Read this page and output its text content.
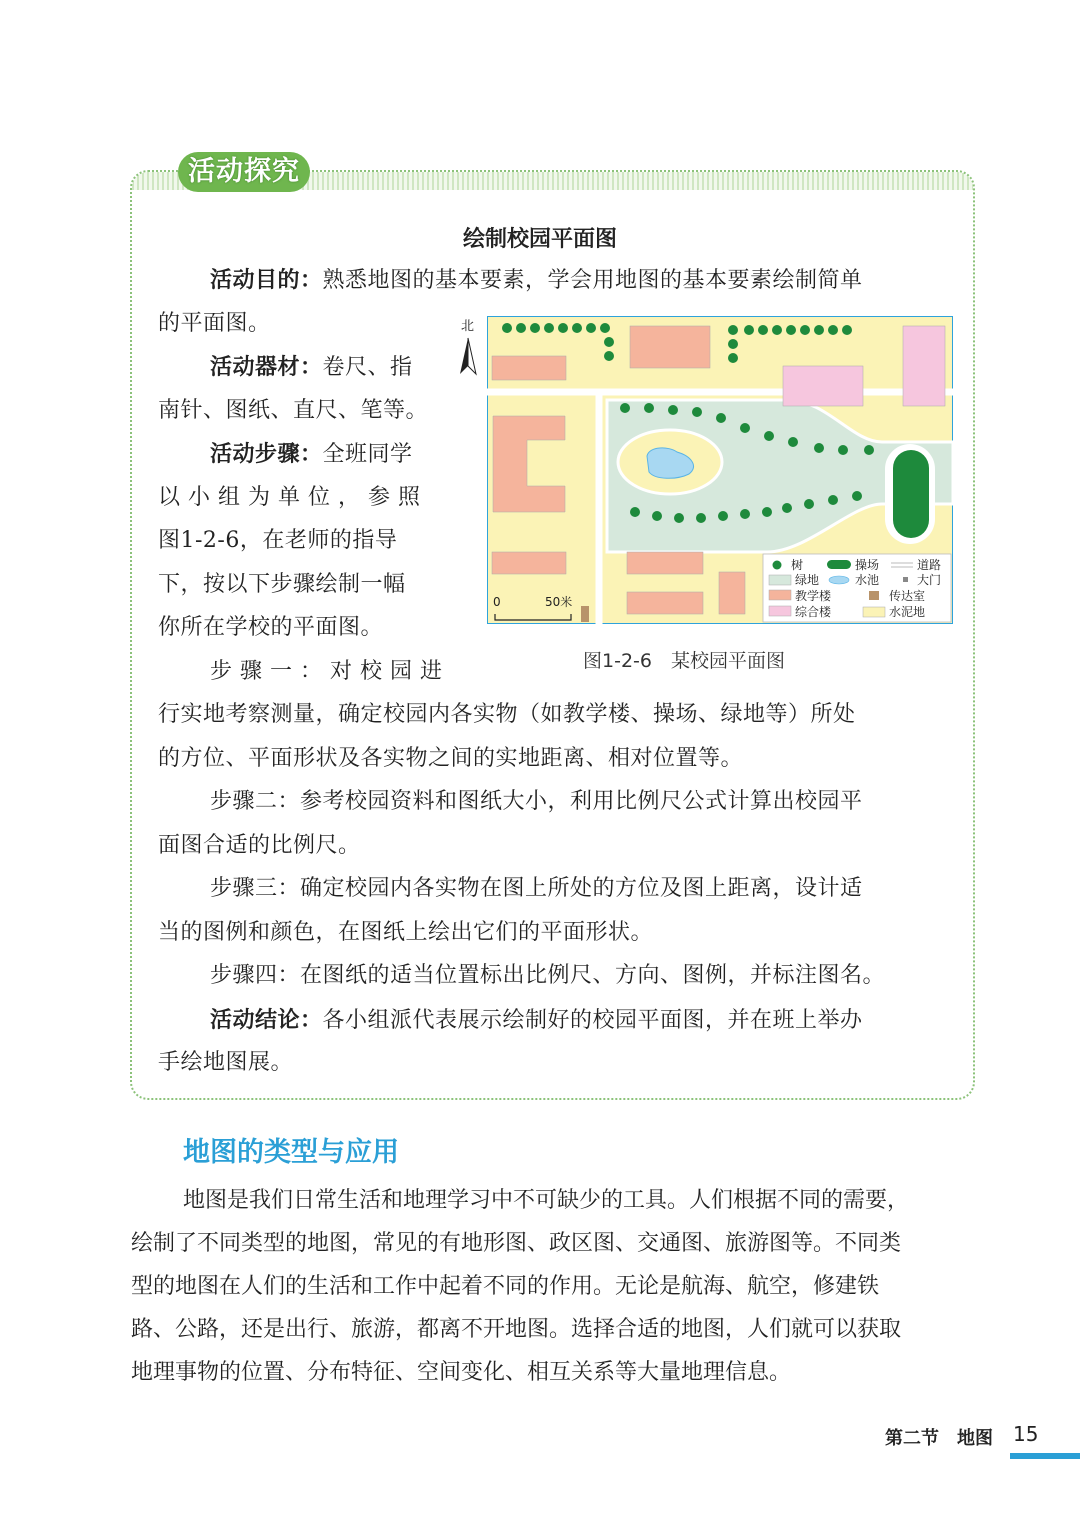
活动探究
绘制校园平面图
活动目的：熟悉地图的基本要素，学会用地图的基本要素绘制简单
的平面图。
活动器材：卷尺、指
南针、图纸、直尺、笔等。
活动步骤：全班同学
以 小 组 为 单 位 ， 参 照
图1-2-6，在老师的指导
下，按以下步骤绘制一幅
你所在学校的平面图。
步 骤 一 ： 对 校 园 进
行实地考察测量，确定校园内各实物（如教学楼、操场、绿地等）所处
的方位、平面形状及各实物之间的实地距离、相对位置等。
步骤二：参考校园资料和图纸大小，利用比例尺公式计算出校园平
面图合适的比例尺。
步骤三：确定校园内各实物在图上所处的方位及图上距离，设计适
当的图例和颜色，在图纸上绘出它们的平面形状。
步骤四：在图纸的适当位置标出比例尺、方向、图例，并标注图名。
活动结论：各小组派代表展示绘制好的校园平面图，并在班上举办
手绘地图展。
北
0	50米
树	操场	道路
绿地	水池	大门
教学楼	传达室
综合楼	水泥地
图1-2-6　某校园平面图
地图的类型与应用
地图是我们日常生活和地理学习中不可缺少的工具。人们根据不同的需要，
绘制了不同类型的地图，常见的有地形图、政区图、交通图、旅游图等。不同类
型的地图在人们的生活和工作中起着不同的作用。无论是航海、航空，修建铁
路、公路，还是出行、旅游，都离不开地图。选择合适的地图，人们就可以获取
地理事物的位置、分布特征、空间变化、相互关系等大量地理信息。
第二节　地图 15
